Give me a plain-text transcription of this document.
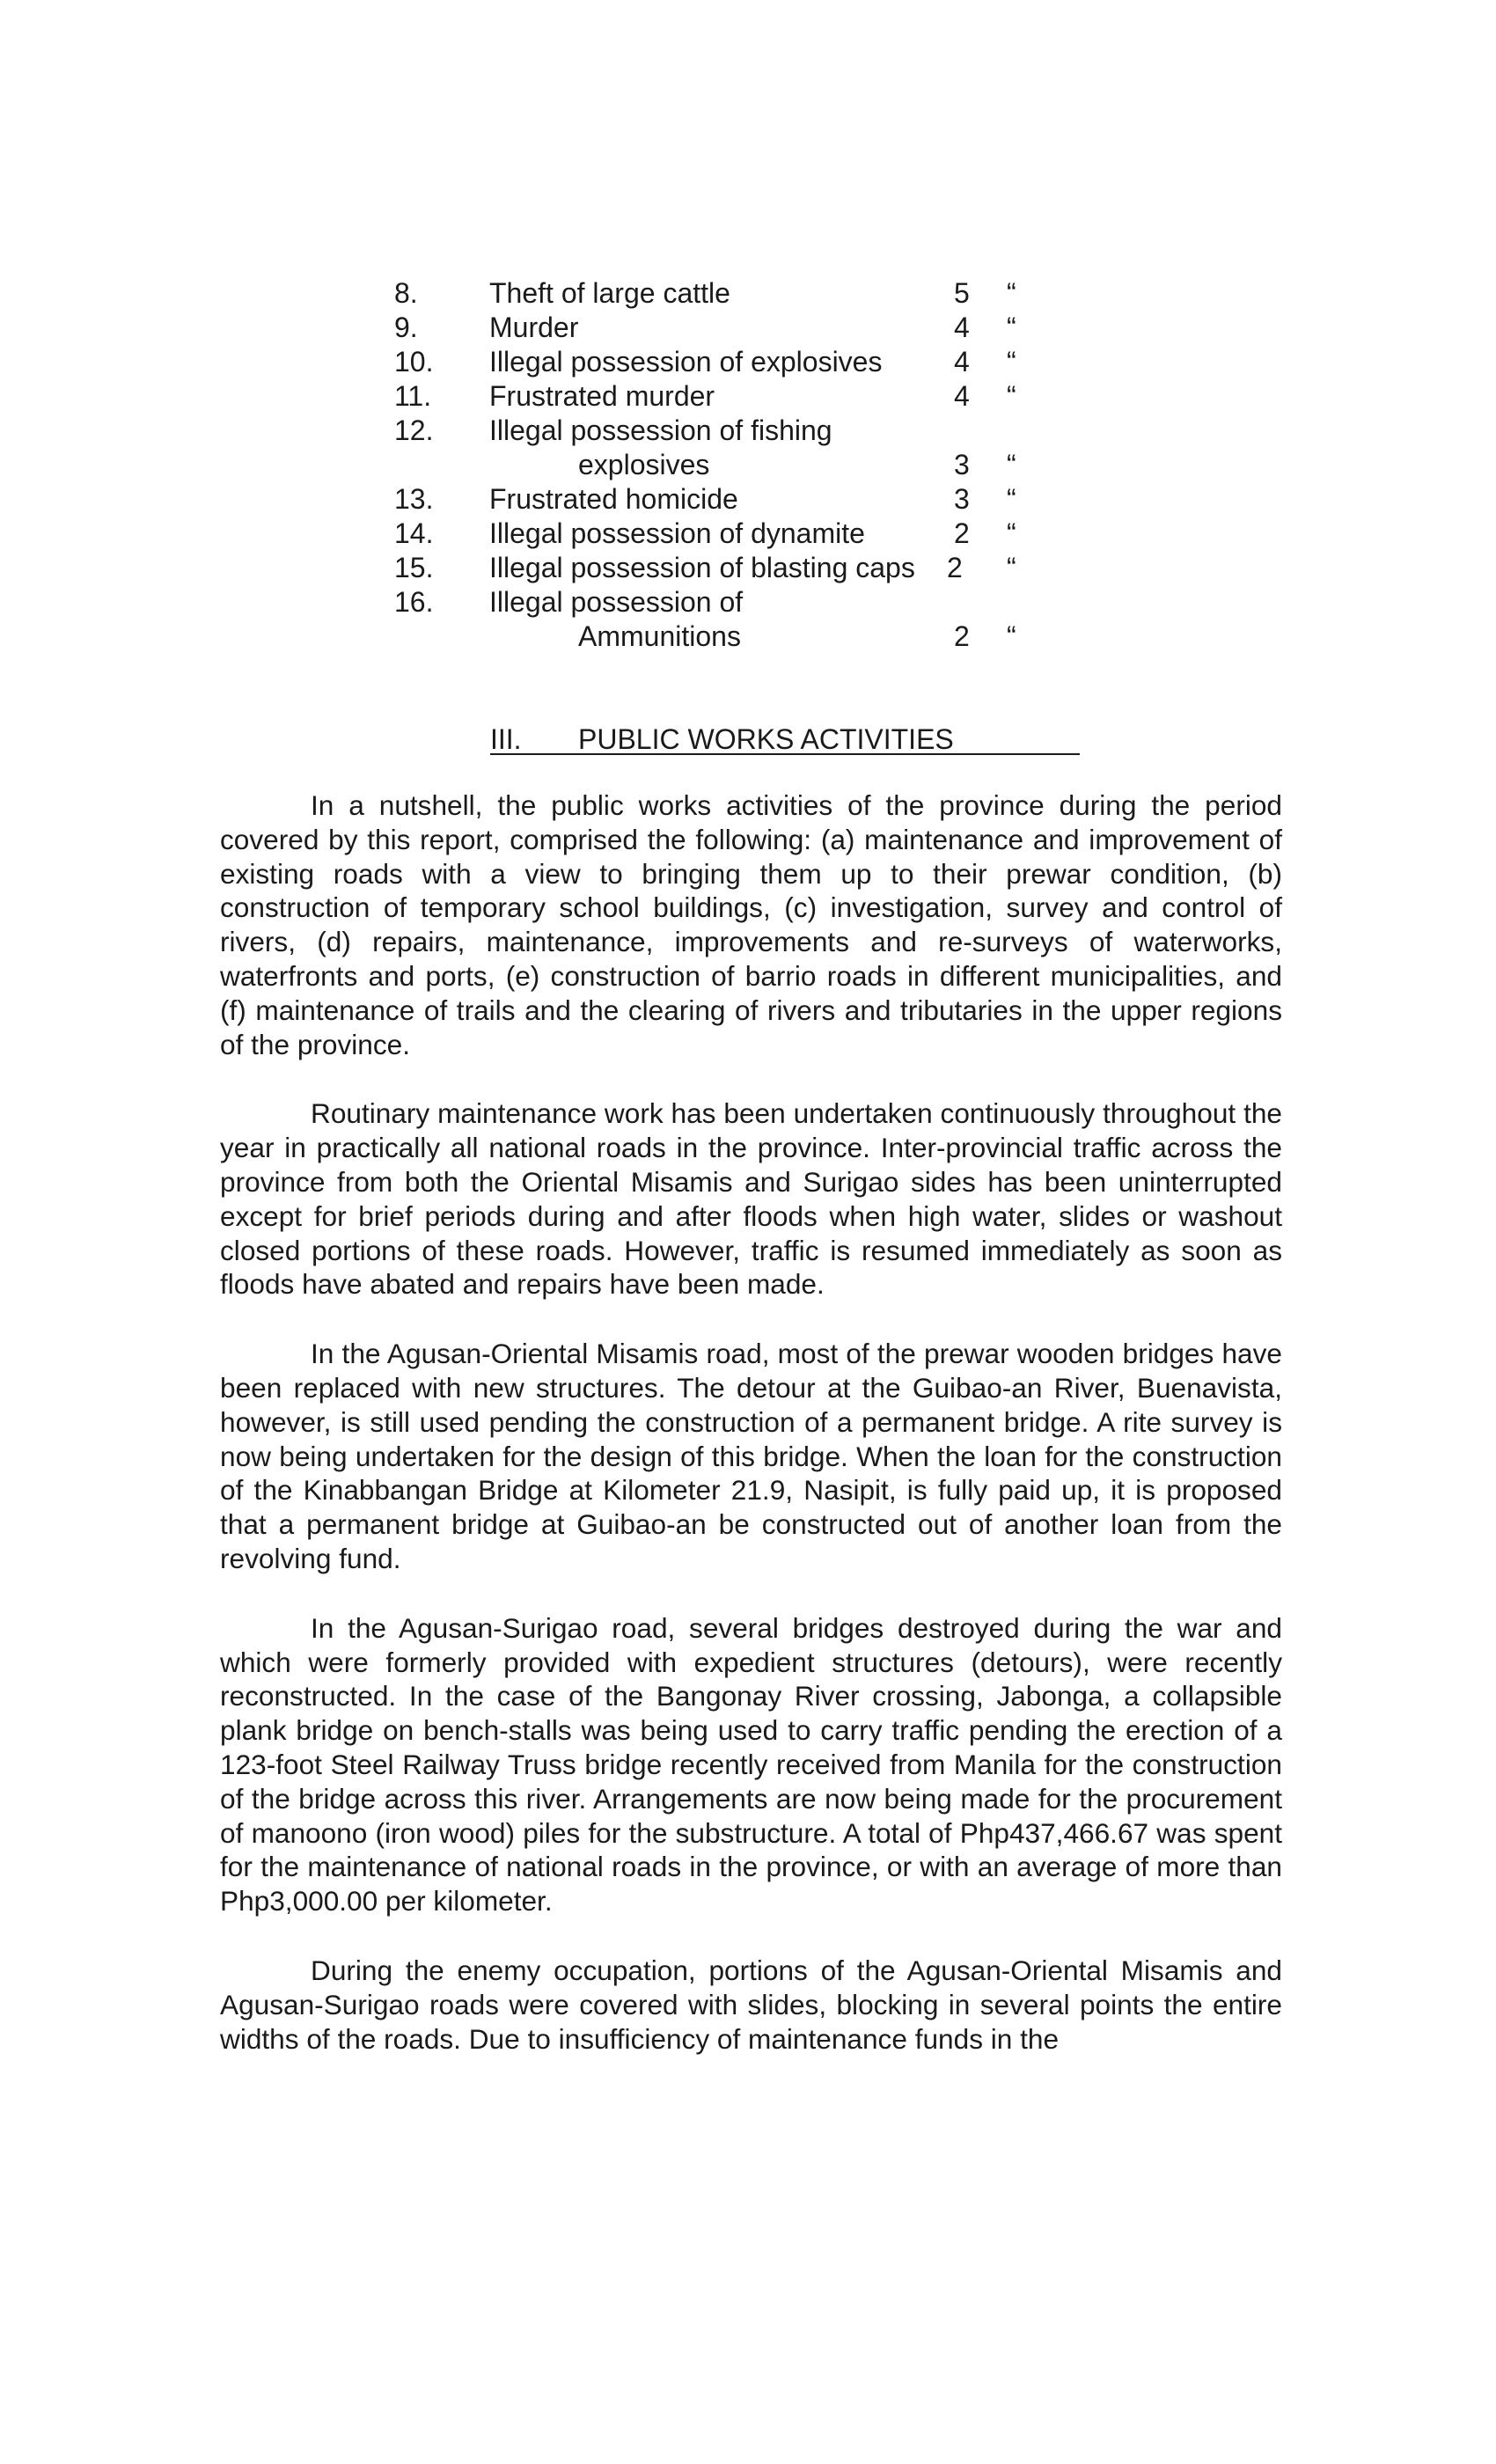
8.	Theft of large cattle	5 “
9.	Murder	4 “
10. Illegal possession of explosives	4 “
11. Frustrated murder	4 “
12. Illegal possession of fishing
explosives	3 “
13. Frustrated homicide	3 “
14. Illegal possession of dynamite	2 “
15. Illegal possession of blasting caps	2 “
16. Illegal possession of
Ammunitions	2 “
III. PUBLIC WORKS ACTIVITIES

In a nutshell, the public works activities of the province during the period covered by this report, comprised the following: (a) maintenance and improvement of existing roads with a view to bringing them up to their prewar condition, (b) construction of temporary school buildings, (c) investigation, survey and control of rivers, (d) repairs, maintenance, improvements and re-surveys of waterworks, waterfronts and ports, (e) construction of barrio roads in different municipalities, and (f) maintenance of trails and the clearing of rivers and tributaries in the upper regions of the province.

Routinary maintenance work has been undertaken continuously throughout the year in practically all national roads in the province. Inter-provincial traffic across the province from both the Oriental Misamis and Surigao sides has been uninterrupted except for brief periods during and after floods when high water, slides or washout closed portions of these roads. However, traffic is resumed immediately as soon as floods have abated and repairs have been made.

In the Agusan-Oriental Misamis road, most of the prewar wooden bridges have been replaced with new structures. The detour at the Guibao-an River, Buenavista, however, is still used pending the construction of a permanent bridge. A rite survey is now being undertaken for the design of this bridge. When the loan for the construction of the Kinabbangan Bridge at Kilometer 21.9, Nasipit, is fully paid up, it is proposed that a permanent bridge at Guibao-an be constructed out of another loan from the revolving fund.

In the Agusan-Surigao road, several bridges destroyed during the war and which were formerly provided with expedient structures (detours), were recently reconstructed. In the case of the Bangonay River crossing, Jabonga, a collapsible plank bridge on bench-stalls was being used to carry traffic pending the erection of a 123-foot Steel Railway Truss bridge recently received from Manila for the construction of the bridge across this river. Arrangements are now being made for the procurement of manoono (iron wood) piles for the substructure. A total of Php437,466.67 was spent for the maintenance of national roads in the province, or with an average of more than Php3,000.00 per kilometer.

During the enemy occupation, portions of the Agusan-Oriental Misamis and Agusan-Surigao roads were covered with slides, blocking in several points the entire widths of the roads. Due to insufficiency of maintenance funds in the
